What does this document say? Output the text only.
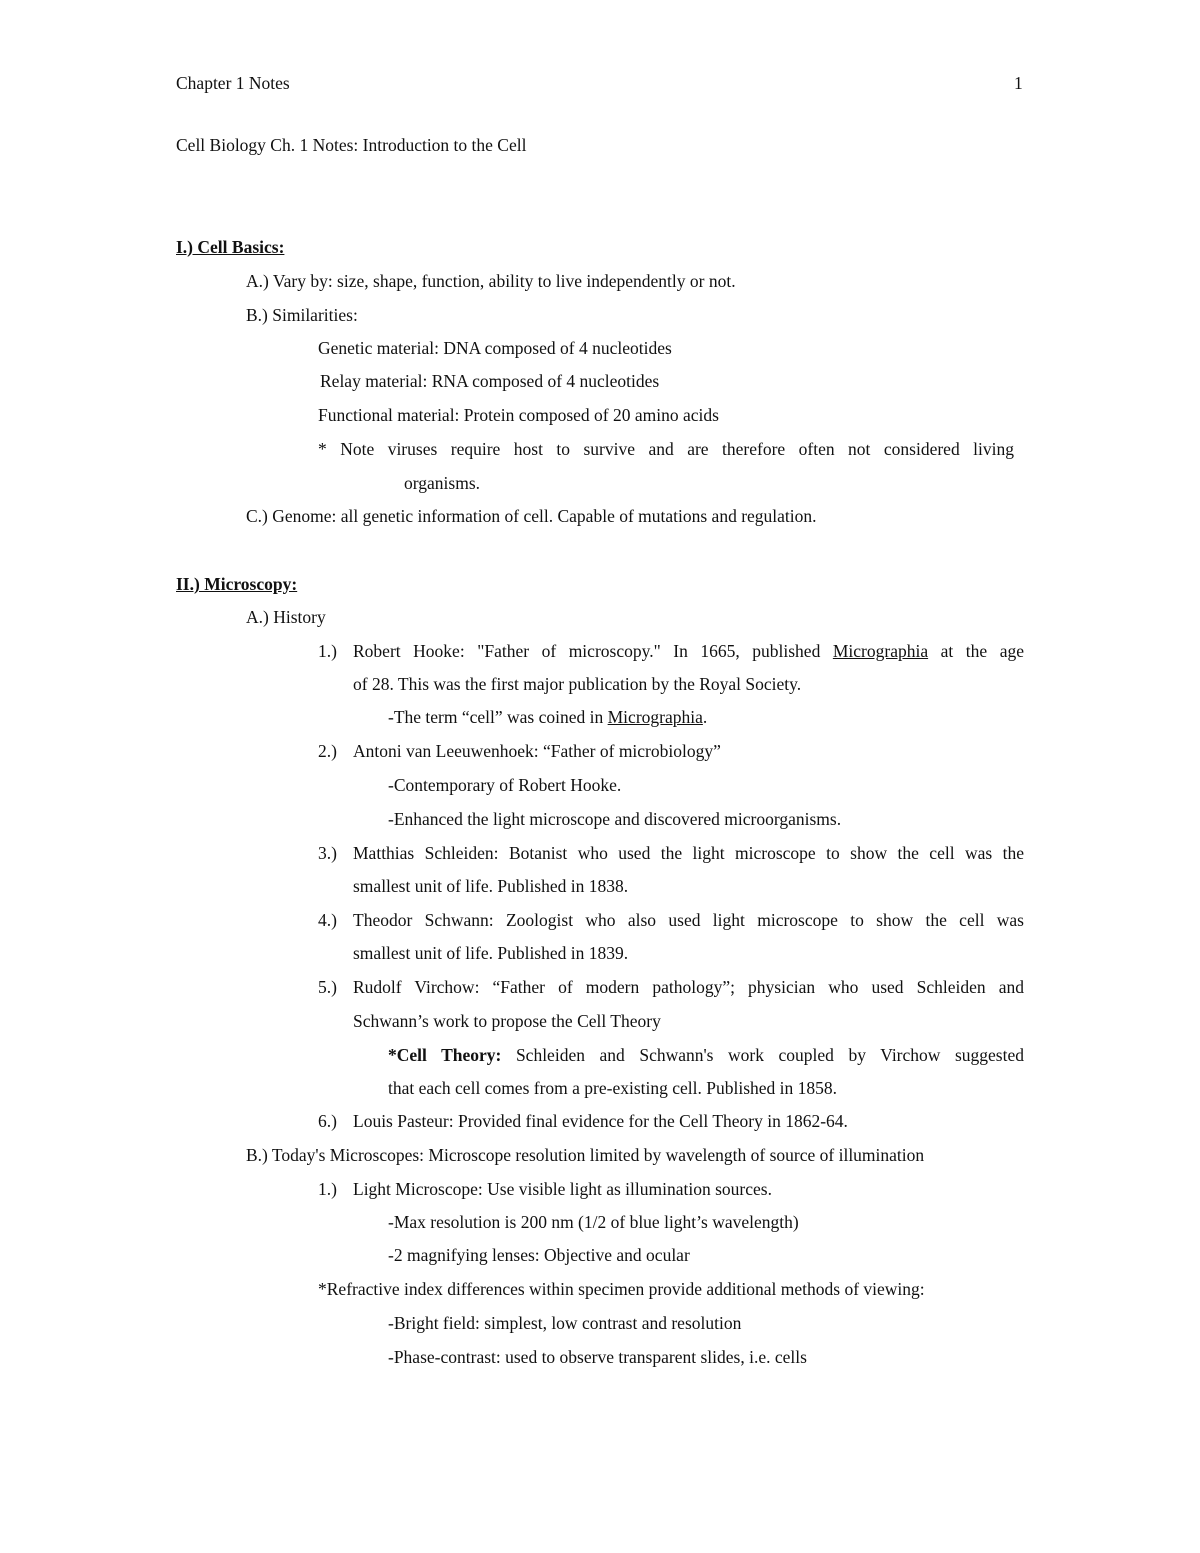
Chapter 1 Notes	1
Cell Biology Ch. 1 Notes: Introduction to the Cell
I.) Cell Basics:
A.) Vary by: size, shape, function, ability to live independently or not.
B.) Similarities:
Genetic material: DNA composed of 4 nucleotides
Relay material: RNA composed of 4 nucleotides
Functional material: Protein composed of 20 amino acids
* Note viruses require host to survive and are therefore often not considered living
organisms.
C.) Genome: all genetic information of cell. Capable of mutations and regulation.
II.) Microscopy:
A.) History
1.) Robert Hooke: "Father of microscopy." In 1665, published Micrographia at the age
of 28. This was the first major publication by the Royal Society.
-The term “cell” was coined in Micrographia.
2.) Antoni van Leeuwenhoek: “Father of microbiology”
-Contemporary of Robert Hooke.
-Enhanced the light microscope and discovered microorganisms.
3.) Matthias Schleiden: Botanist who used the light microscope to show the cell was the
smallest unit of life. Published in 1838.
4.) Theodor Schwann: Zoologist who also used light microscope to show the cell was
smallest unit of life. Published in 1839.
5.) Rudolf Virchow: “Father of modern pathology”; physician who used Schleiden and
Schwann’s work to propose the Cell Theory
*Cell Theory: Schleiden and Schwann's work coupled by Virchow suggested
that each cell comes from a pre-existing cell. Published in 1858.
6.) Louis Pasteur: Provided final evidence for the Cell Theory in 1862-64.
B.) Today's Microscopes: Microscope resolution limited by wavelength of source of illumination
1.) Light Microscope: Use visible light as illumination sources.
-Max resolution is 200 nm (1/2 of blue light’s wavelength)
-2 magnifying lenses: Objective and ocular
*Refractive index differences within specimen provide additional methods of viewing:
-Bright field: simplest, low contrast and resolution
-Phase-contrast: used to observe transparent slides, i.e. cells
